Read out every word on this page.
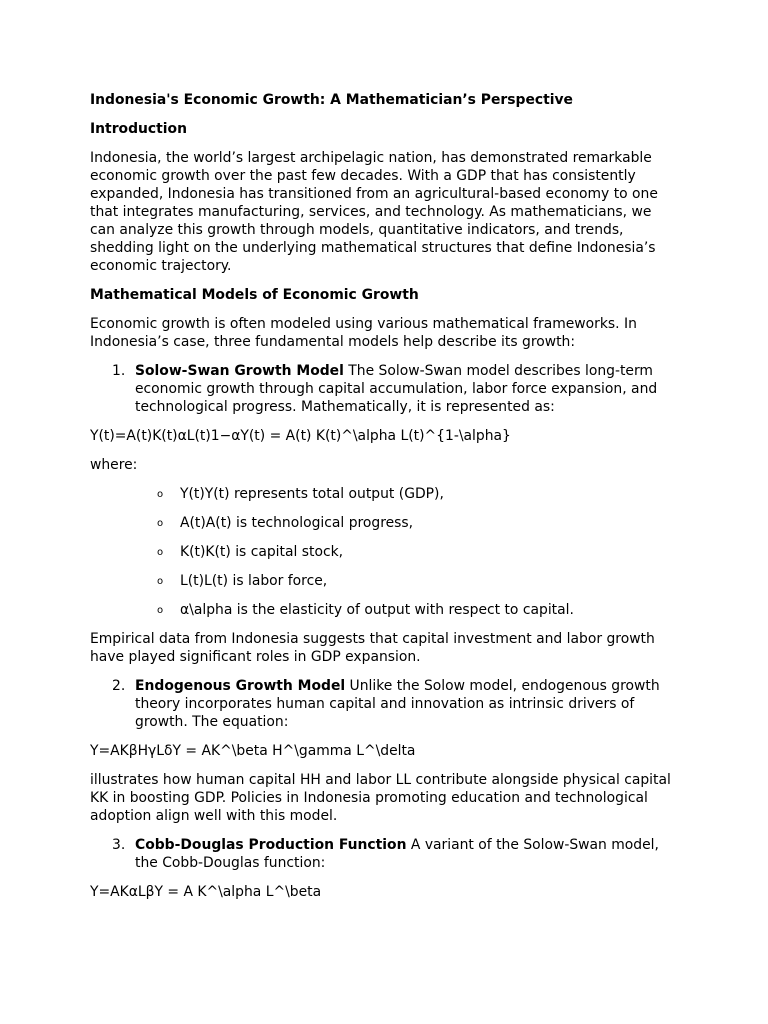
Indonesia's Economic Growth: A Mathematician’s Perspective

Introduction

Indonesia, the world’s largest archipelagic nation, has demonstrated remarkable economic growth over the past few decades. With a GDP that has consistently expanded, Indonesia has transitioned from an agricultural-based economy to one that integrates manufacturing, services, and technology. As mathematicians, we can analyze this growth through models, quantitative indicators, and trends, shedding light on the underlying mathematical structures that define Indonesia’s economic trajectory.

Mathematical Models of Economic Growth

Economic growth is often modeled using various mathematical frameworks. In Indonesia’s case, three fundamental models help describe its growth:

1. Solow-Swan Growth Model The Solow-Swan model describes long-term economic growth through capital accumulation, labor force expansion, and technological progress. Mathematically, it is represented as:

Y(t)=A(t)K(t)αL(t)1−αY(t) = A(t) K(t)^\alpha L(t)^{1-\alpha}

where:

o Y(t)Y(t) represents total output (GDP),
o A(t)A(t) is technological progress,
o K(t)K(t) is capital stock,
o L(t)L(t) is labor force,
o α\alpha is the elasticity of output with respect to capital.

Empirical data from Indonesia suggests that capital investment and labor growth have played significant roles in GDP expansion.

2. Endogenous Growth Model Unlike the Solow model, endogenous growth theory incorporates human capital and innovation as intrinsic drivers of growth. The equation:

Y=AKβHγLδY = AK^\beta H^\gamma L^\delta

illustrates how human capital HH and labor LL contribute alongside physical capital KK in boosting GDP. Policies in Indonesia promoting education and technological adoption align well with this model.

3. Cobb-Douglas Production Function A variant of the Solow-Swan model, the Cobb-Douglas function:

Y=AKαLβY = A K^\alpha L^\beta
